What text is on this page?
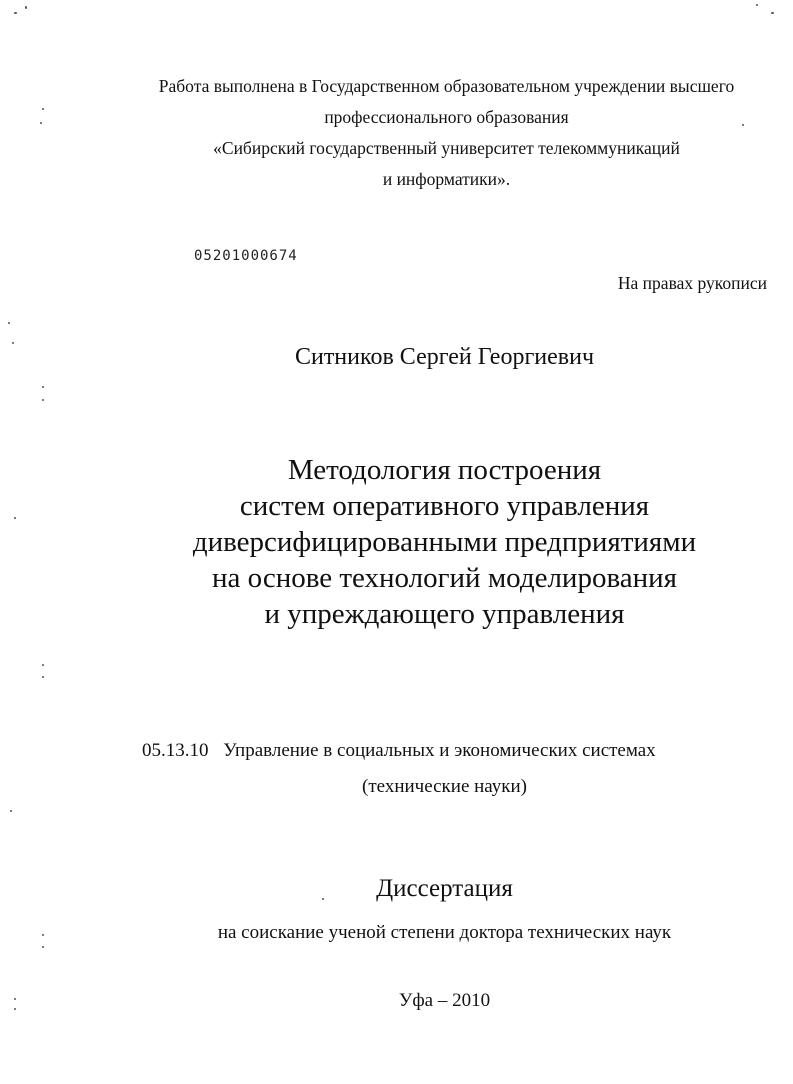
Работа выполнена в Государственном образовательном учреждении высшего
профессионального образования
«Сибирский государственный университет телекоммуникаций
и информатики».
05201000674
На правах рукописи
Ситников Сергей Георгиевич
Методология построения
систем оперативного управления
диверсифицированными предприятиями
на основе технологий моделирования
и упреждающего управления
05.13.10 Управление в социальных и экономических системах
(технические науки)
Диссертация
на соискание ученой степени доктора технических наук
Уфа – 2010
